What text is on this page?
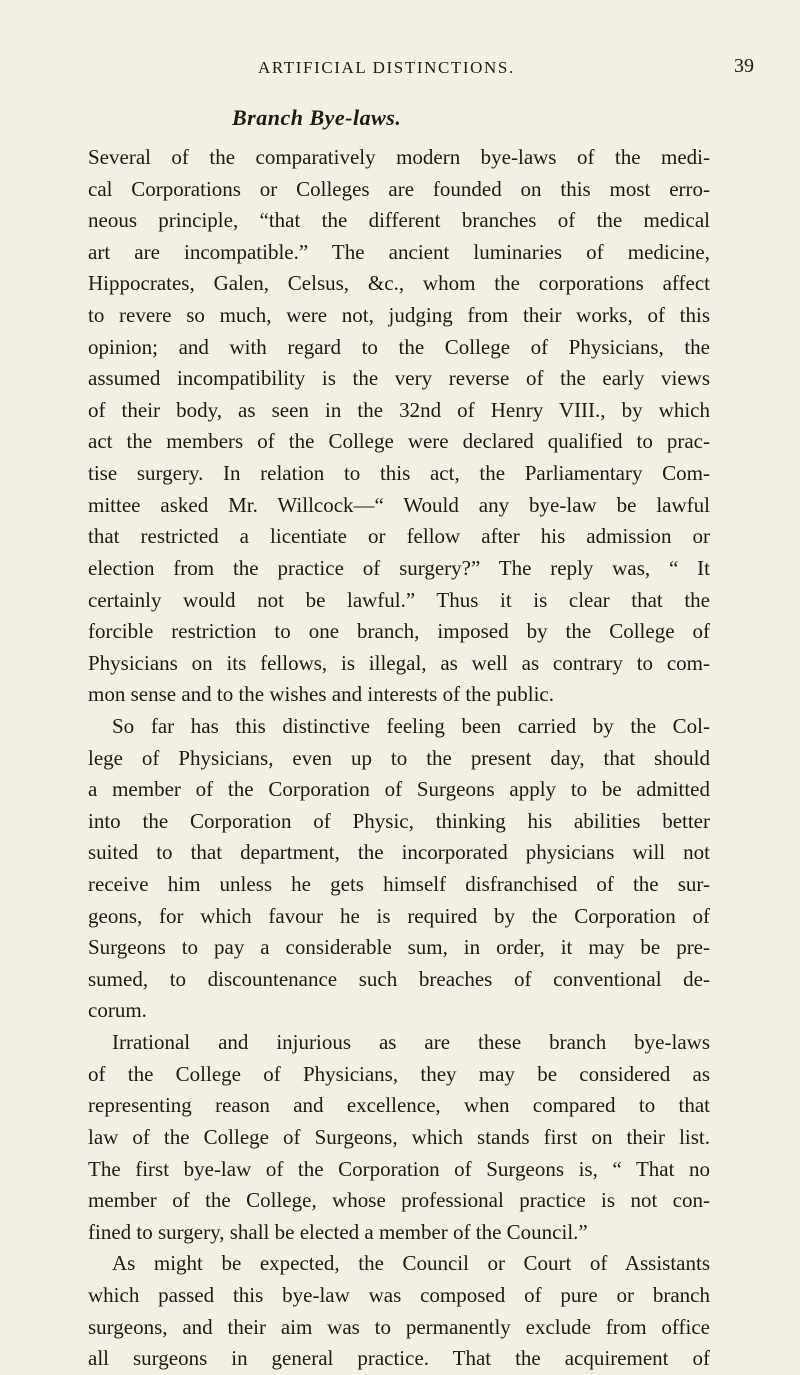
ARTIFICIAL DISTINCTIONS.	39
Branch Bye-laws.
Several of the comparatively modern bye-laws of the medi-
cal Corporations or Colleges are founded on this most erro-
neous principle, “that the different branches of the medical
art are incompatible.” The ancient luminaries of medicine,
Hippocrates, Galen, Celsus, &c., whom the corporations affect
to revere so much, were not, judging from their works, of this
opinion; and with regard to the College of Physicians, the
assumed incompatibility is the very reverse of the early views
of their body, as seen in the 32nd of Henry VIII., by which
act the members of the College were declared qualified to prac-
tise surgery. In relation to this act, the Parliamentary Com-
mittee asked Mr. Willcock—“ Would any bye-law be lawful
that restricted a licentiate or fellow after his admission or
election from the practice of surgery?” The reply was, “ It
certainly would not be lawful.” Thus it is clear that the
forcible restriction to one branch, imposed by the College of
Physicians on its fellows, is illegal, as well as contrary to com-
mon sense and to the wishes and interests of the public.
So far has this distinctive feeling been carried by the Col-
lege of Physicians, even up to the present day, that should
a member of the Corporation of Surgeons apply to be admitted
into the Corporation of Physic, thinking his abilities better
suited to that department, the incorporated physicians will not
receive him unless he gets himself disfranchised of the sur-
geons, for which favour he is required by the Corporation of
Surgeons to pay a considerable sum, in order, it may be pre-
sumed, to discountenance such breaches of conventional de-
corum.
Irrational and injurious as are these branch bye-laws
of the College of Physicians, they may be considered as
representing reason and excellence, when compared to that
law of the College of Surgeons, which stands first on their list.
The first bye-law of the Corporation of Surgeons is, “ That no
member of the College, whose professional practice is not con-
fined to surgery, shall be elected a member of the Council.”
As might be expected, the Council or Court of Assistants
which passed this bye-law was composed of pure or branch
surgeons, and their aim was to permanently exclude from office
all surgeons in general practice. That the acquirement of
